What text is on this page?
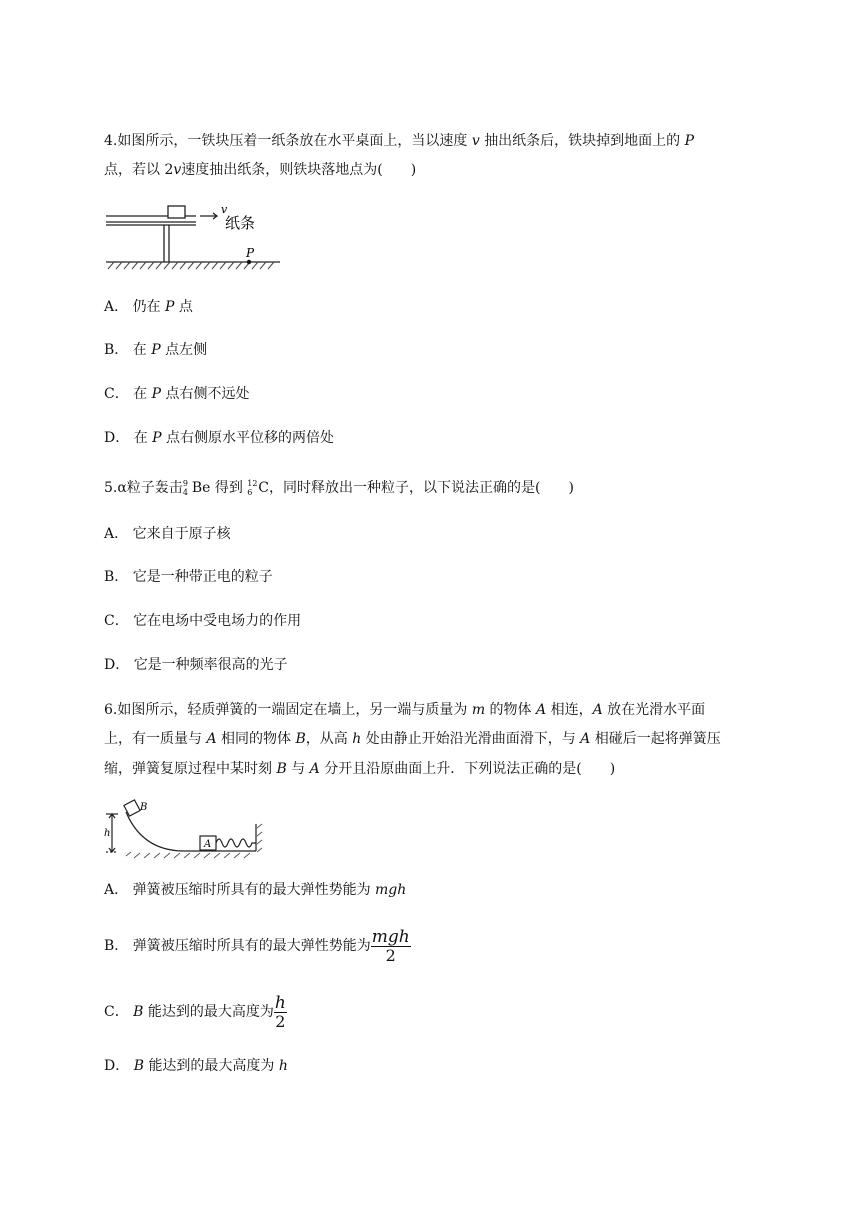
4.如图所示，一铁块压着一纸条放在水平桌面上，当以速度 v 抽出纸条后，铁块掉到地面上的 P
点，若以 2v速度抽出纸条，则铁块落地点为(　　)
v
纸条
P
A． 仍在 P 点
B． 在 P 点左侧
C． 在 P 点右侧不远处
D． 在 P 点右侧原水平位移的两倍处
5.α粒子轰击 9
4 Be 得到 12
6 C，同时释放出一种粒子，以下说法正确的是(　　)
A． 它来自于原子核
B． 它是一种带正电的粒子
C． 它在电场中受电场力的作用
D． 它是一种频率很高的光子
6.如图所示，轻质弹簧的一端固定在墙上，另一端与质量为 m 的物体 A 相连，A 放在光滑水平面
上，有一质量与 A 相同的物体 B，从高 h 处由静止开始沿光滑曲面滑下，与 A 相碰后一起将弹簧压
缩，弹簧复原过程中某时刻 B 与 A 分开且沿原曲面上升．下列说法正确的是(　　)
B
h
A
A． 弹簧被压缩时所具有的最大弹性势能为 mgh
B． 弹簧被压缩时所具有的最大弹性势能为 $\frac{\text{mgh}}{2}$
C． B 能达到的最大高度为 $\frac{h}{2}$
D． B 能达到的最大高度为 h
